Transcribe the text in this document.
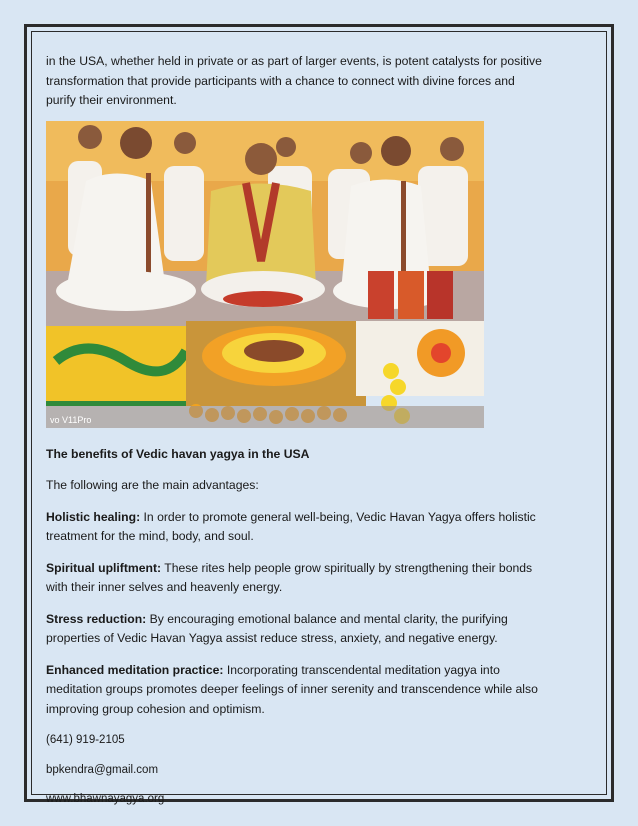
in the USA, whether held in private or as part of larger events, is potent catalysts for positive transformation that provide participants with a chance to connect with divine forces and purify their environment.

vo V11Pro

The benefits of Vedic havan yagya in the USA

The following are the main advantages:

Holistic healing: In order to promote general well-being, Vedic Havan Yagya offers holistic treatment for the mind, body, and soul.

Spiritual upliftment: These rites help people grow spiritually by strengthening their bonds with their inner selves and heavenly energy.

Stress reduction: By encouraging emotional balance and mental clarity, the purifying properties of Vedic Havan Yagya assist reduce stress, anxiety, and negative energy.

Enhanced meditation practice: Incorporating transcendental meditation yagya into meditation groups promotes deeper feelings of inner serenity and transcendence while also improving group cohesion and optimism.

(641) 919-2105

bpkendra@gmail.com

www.bhawnayagya.org
